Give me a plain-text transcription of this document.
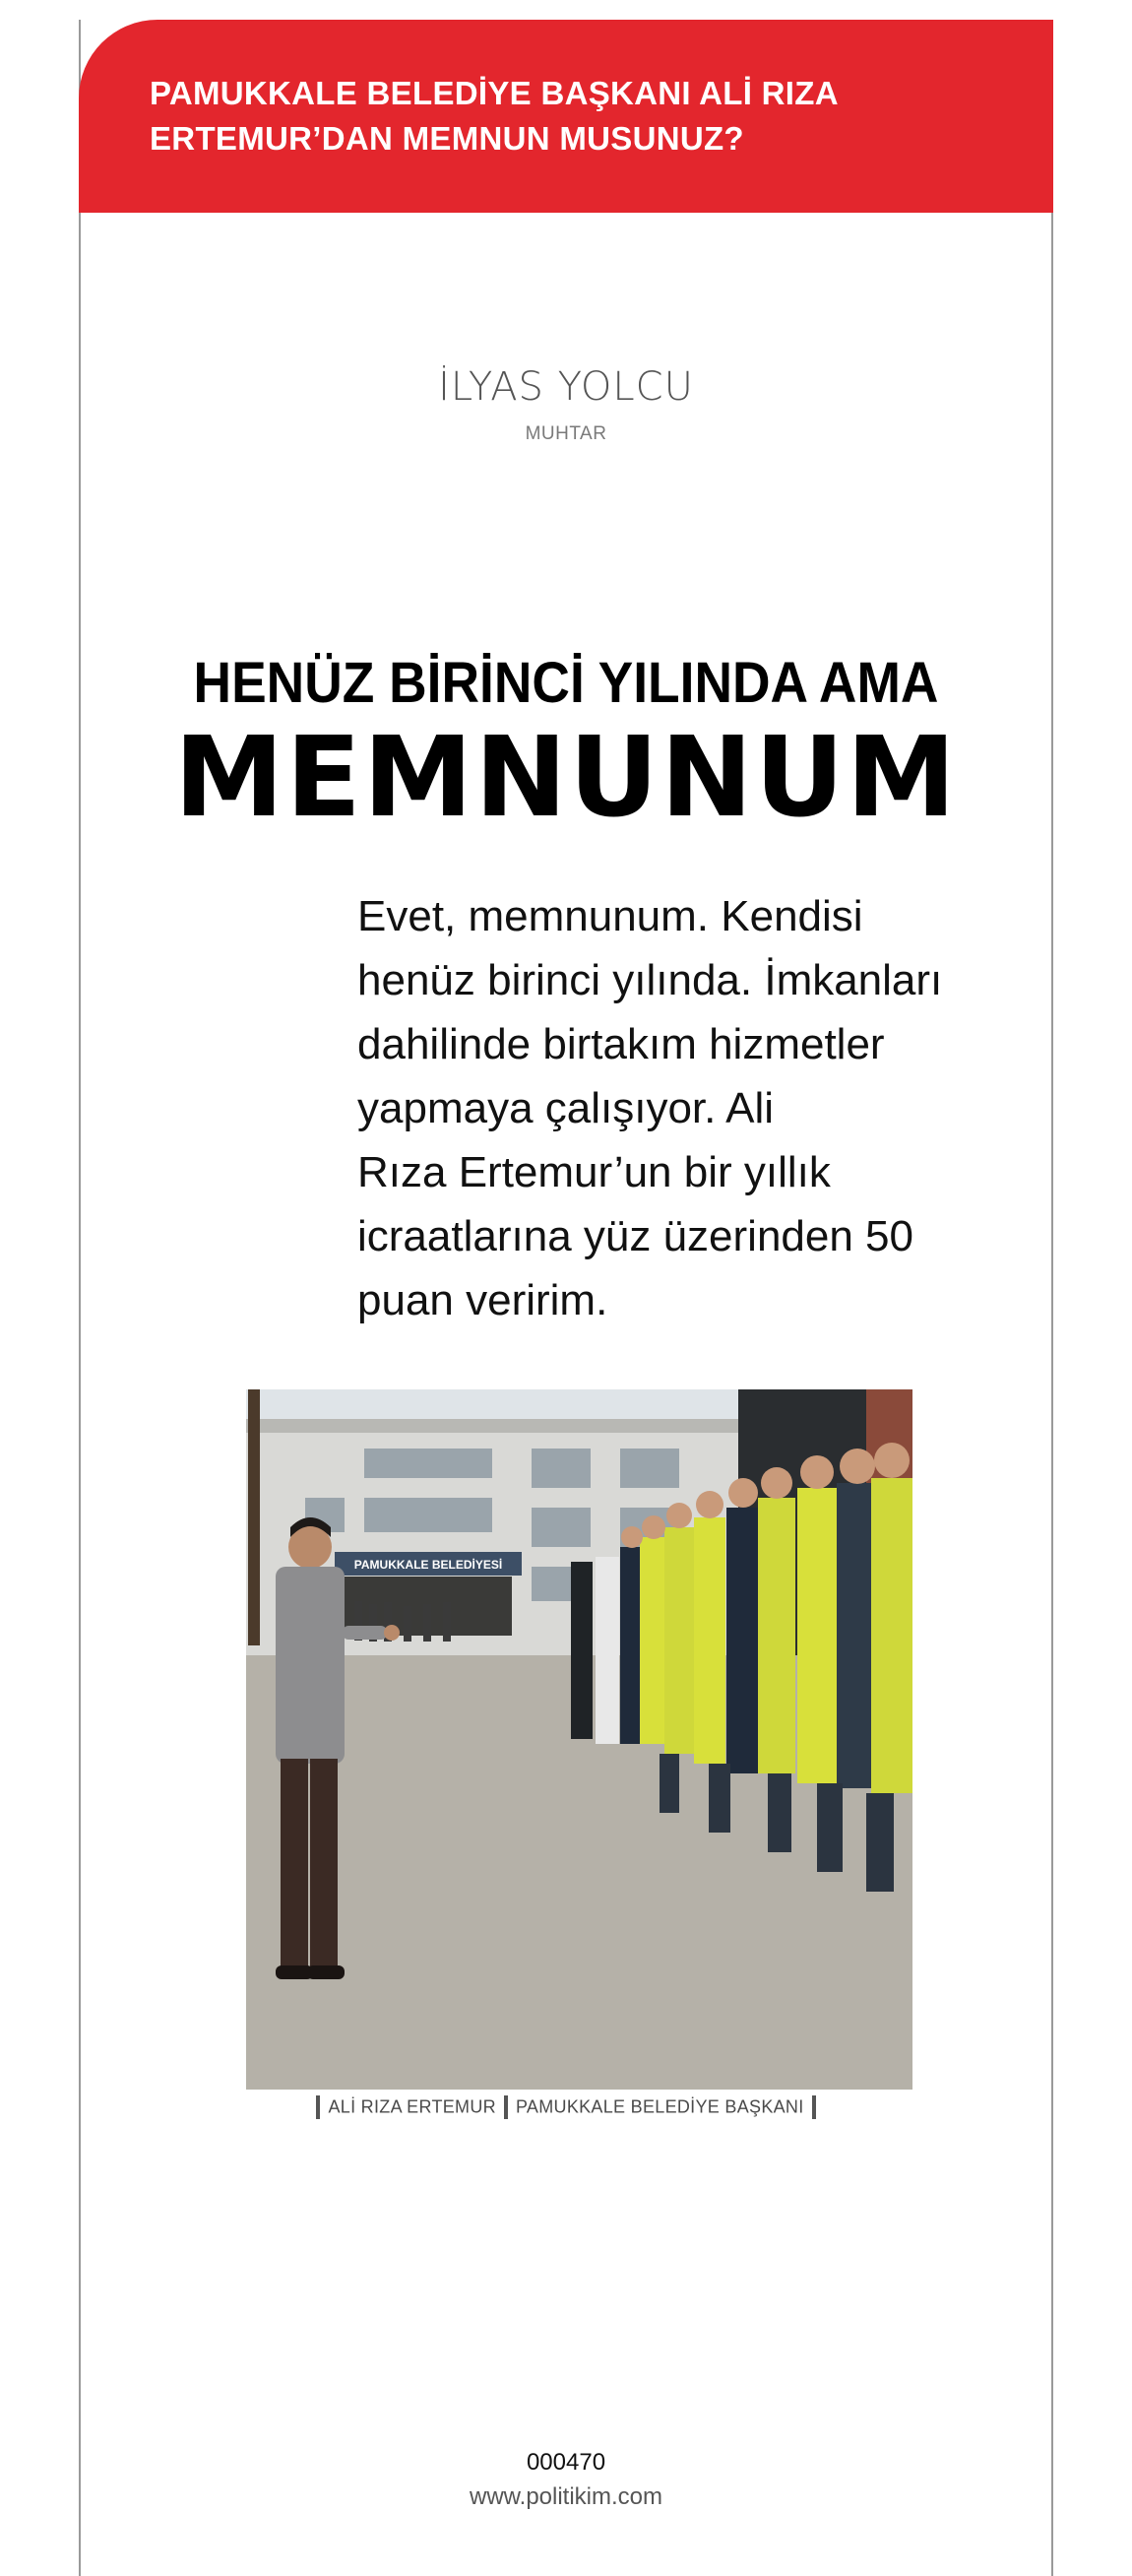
PAMUKKALE BELEDİYE BAŞKANI ALİ RIZA
ERTEMUR’DAN MEMNUN MUSUNUZ?
İLYAS YOLCU
MUHTAR
HENÜZ BİRİNCİ YILINDA AMA
MEMNUNUM

Evet, memnunum. Kendisi
henüz birinci yılında. İmkanları
dahilinde birtakım hizmetler
yapmaya çalışıyor. Ali
Rıza Ertemur’un bir yıllık
icraatlarına yüz üzerinden 50
puan veririm.

PAMUKKALE BELEDİYESİ
ALİ RIZA ERTEMUR PAMUKKALE BELEDİYE BAŞKANI
000470
www.politikim.com
